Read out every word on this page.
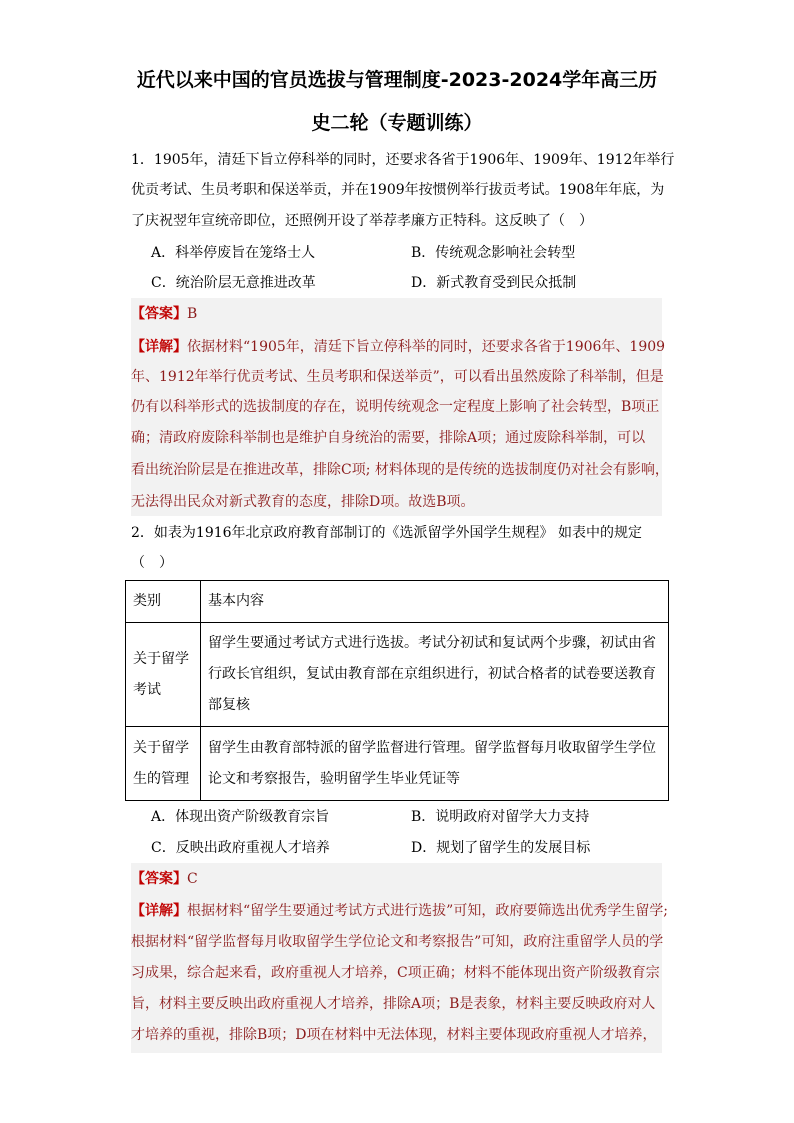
近代以来中国的官员选拔与管理制度-2023-2024学年高三历
史二轮（专题训练）
1．1905年，清廷下旨立停科举的同时，还要求各省于1906年、1909年、1912年举行
优贡考试、生员考职和保送举贡，并在1909年按惯例举行拔贡考试。1908年年底，为
了庆祝翌年宣统帝即位，还照例开设了举荐孝廉方正特科。这反映了（　）
A．科举停废旨在笼络士人	B．传统观念影响社会转型
C．统治阶层无意推进改革	D．新式教育受到民众抵制
【答案】B
【详解】依据材料“1905年，清廷下旨立停科举的同时，还要求各省于1906年、1909
年、1912年举行优贡考试、生员考职和保送举贡”，可以看出虽然废除了科举制，但是
仍有以科举形式的选拔制度的存在，说明传统观念一定程度上影响了社会转型，B项正
确；清政府废除科举制也是维护自身统治的需要，排除A项；通过废除科举制，可以
看出统治阶层是在推进改革，排除C项; 材料体现的是传统的选拔制度仍对社会有影响，
无法得出民众对新式教育的态度，排除D项。故选B项。
2．如表为1916年北京政府教育部制订的《选派留学外国学生规程》 如表中的规定
（　）
类别	基本内容

关于留学
考试	留学生要通过考试方式进行选拔。考试分初试和复试两个步骤，初试由省
行政长官组织，复试由教育部在京组织进行，初试合格者的试卷要送教育
部复核

关于留学
生的管理	留学生由教育部特派的留学监督进行管理。留学监督每月收取留学生学位
论文和考察报告，验明留学生毕业凭证等
A．体现出资产阶级教育宗旨	B．说明政府对留学大力支持
C．反映出政府重视人才培养	D．规划了留学生的发展目标
【答案】C
【详解】根据材料“留学生要通过考试方式进行选拔”可知，政府要筛选出优秀学生留学;
根据材料“留学监督每月收取留学生学位论文和考察报告”可知，政府注重留学人员的学
习成果，综合起来看，政府重视人才培养，C项正确；材料不能体现出资产阶级教育宗
旨，材料主要反映出政府重视人才培养，排除A项；B是表象，材料主要反映政府对人
才培养的重视，排除B项；D项在材料中无法体现，材料主要体现政府重视人才培养，
